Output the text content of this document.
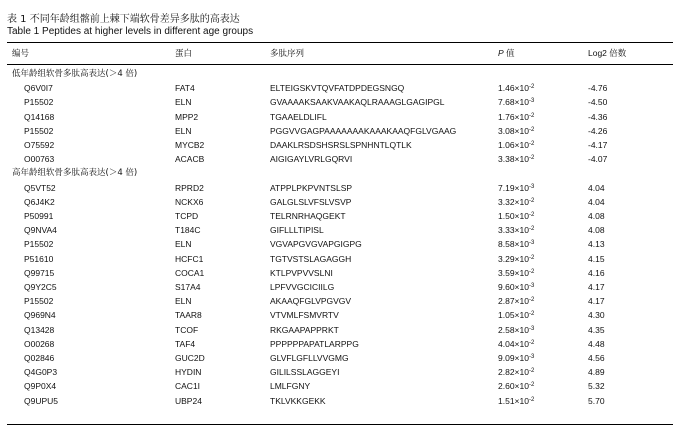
表 1 不同年龄组髂前上棘下端软骨差异多肽的高表达
Table 1 Peptides at higher levels in different age groups
编号	蛋白	多肽序列	P 值	Log2 倍数
低年龄组软骨多肽高表达(＞4 倍)
Q6V0I7	FAT4	ELTEIGSKVTQVFATDPDEGSNGQ	$1.46\times 10^{-2}$	-4.76
P15502	ELN	GVAAAAKSAAKVAAKAQLRAAAGLGAGIPGL	$7.68\times 10^{-3}$	-4.50
Q14168	MPP2	TGAAELDLIFL	$1.76\times 10^{-2}$	-4.36
P15502	ELN	PGGVVGAGPAAAAAAAKAAAKAAQFGLVGAAG	$3.08\times 10^{-2}$	-4.26
O75592	MYCB2	DAAKLRSDSHSRSLSPNHNTLQTLK	$1.06\times 10^{-2}$	-4.17
O00763	ACACB	AIGIGAYLVRLGQRVI	$3.38\times 10^{-2}$	-4.07
高年龄组软骨多肽高表达(＞4 倍)
Q5VT52	RPRD2	ATPPLPKPVNTSLSP	$7.19\times 10^{-3}$	4.04
Q6J4K2	NCKX6	GALGLSLVFSLVSVP	$3.32\times 10^{-2}$	4.04
P50991	TCPD	TELRNRHAQGEKT	$1.50\times 10^{-2}$	4.08
Q9NVA4	T184C	GIFLLLTIPISL	$3.33\times 10^{-2}$	4.08
P15502	ELN	VGVAPGVGVAPGIGPG	$8.58\times 10^{-3}$	4.13
P51610	HCFC1	TGTVSTSLAGAGGH	$3.29\times 10^{-2}$	4.15
Q99715	COCA1	KTLPVPVVSLNI	$3.59\times 10^{-2}$	4.16
Q9Y2C5	S17A4	LPFVVGCICIILG	$9.60\times 10^{-3}$	4.17
P15502	ELN	AKAAQFGLVPGVGV	$2.87\times 10^{-2}$	4.17
Q969N4	TAAR8	VTVMLFSMVRTV	$1.05\times 10^{-2}$	4.30
Q13428	TCOF	RKGAAPAPPRKT	$2.58\times 10^{-3}$	4.35
O00268	TAF4	PPPPPPAPATLARPPG	$4.04\times 10^{-2}$	4.48
Q02846	GUC2D	GLVFLGFLLVVGMG	$9.09\times 10^{-3}$	4.56
Q4G0P3	HYDIN	GILILSSLAGGEYI	$2.82\times 10^{-2}$	4.89
Q9P0X4	CAC1I	LMLFGNY	$2.60\times 10^{-2}$	5.32
Q9UPU5	UBP24	TKLVKKGEKK	$1.51\times 10^{-2}$	5.70
